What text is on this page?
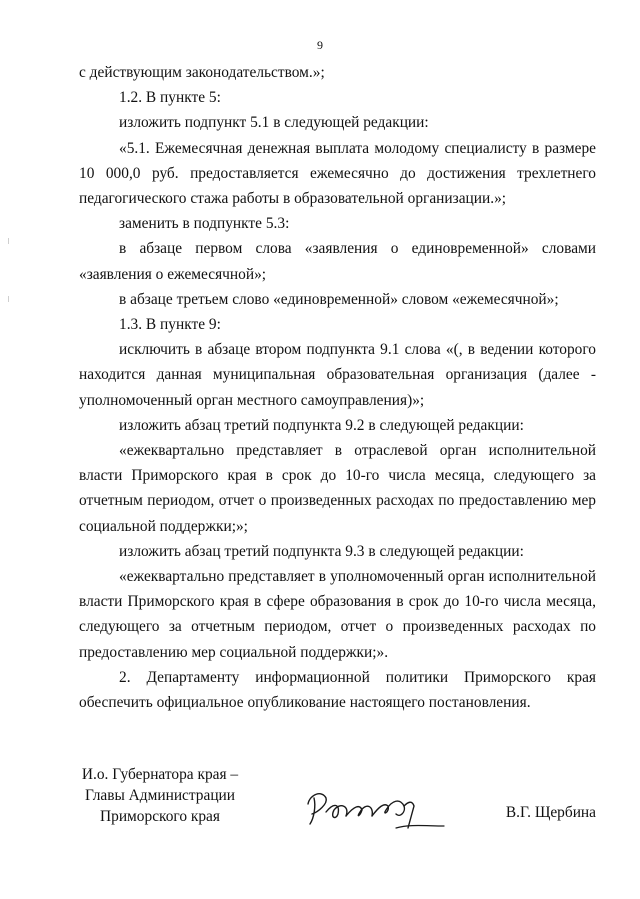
9

с действующим законодательством.»;

1.2. В пункте 5:

изложить подпункт 5.1 в следующей редакции:

«5.1. Ежемесячная денежная выплата молодому специалисту в размере 10 000,0 руб. предоставляется ежемесячно до достижения трехлетнего педагогического стажа работы в образовательной организации.»;

заменить в подпункте 5.3:

в абзаце первом слова «заявления о единовременной» словами «заявления о ежемесячной»;

в абзаце третьем слово «единовременной» словом «ежемесячной»;

1.3. В пункте 9:

исключить в абзаце втором подпункта 9.1 слова «(, в ведении которого находится данная муниципальная образовательная организация (далее - уполномоченный орган местного самоуправления)»;

изложить абзац третий подпункта 9.2 в следующей редакции:

«ежеквартально представляет в отраслевой орган исполнительной власти Приморского края в срок до 10-го числа месяца, следующего за отчетным периодом, отчет о произведенных расходах по предоставлению мер социальной поддержки;»;

изложить абзац третий подпункта 9.3 в следующей редакции:

«ежеквартально представляет в уполномоченный орган исполнительной власти Приморского края в сфере образования в срок до 10-го числа месяца, следующего за отчетным периодом, отчет о произведенных расходах по предоставлению мер социальной поддержки;».

2. Департаменту информационной политики Приморского края обеспечить официальное опубликование настоящего постановления.

И.о. Губернатора края –
Главы Администрации
Приморского края	В.Г. Щербина
